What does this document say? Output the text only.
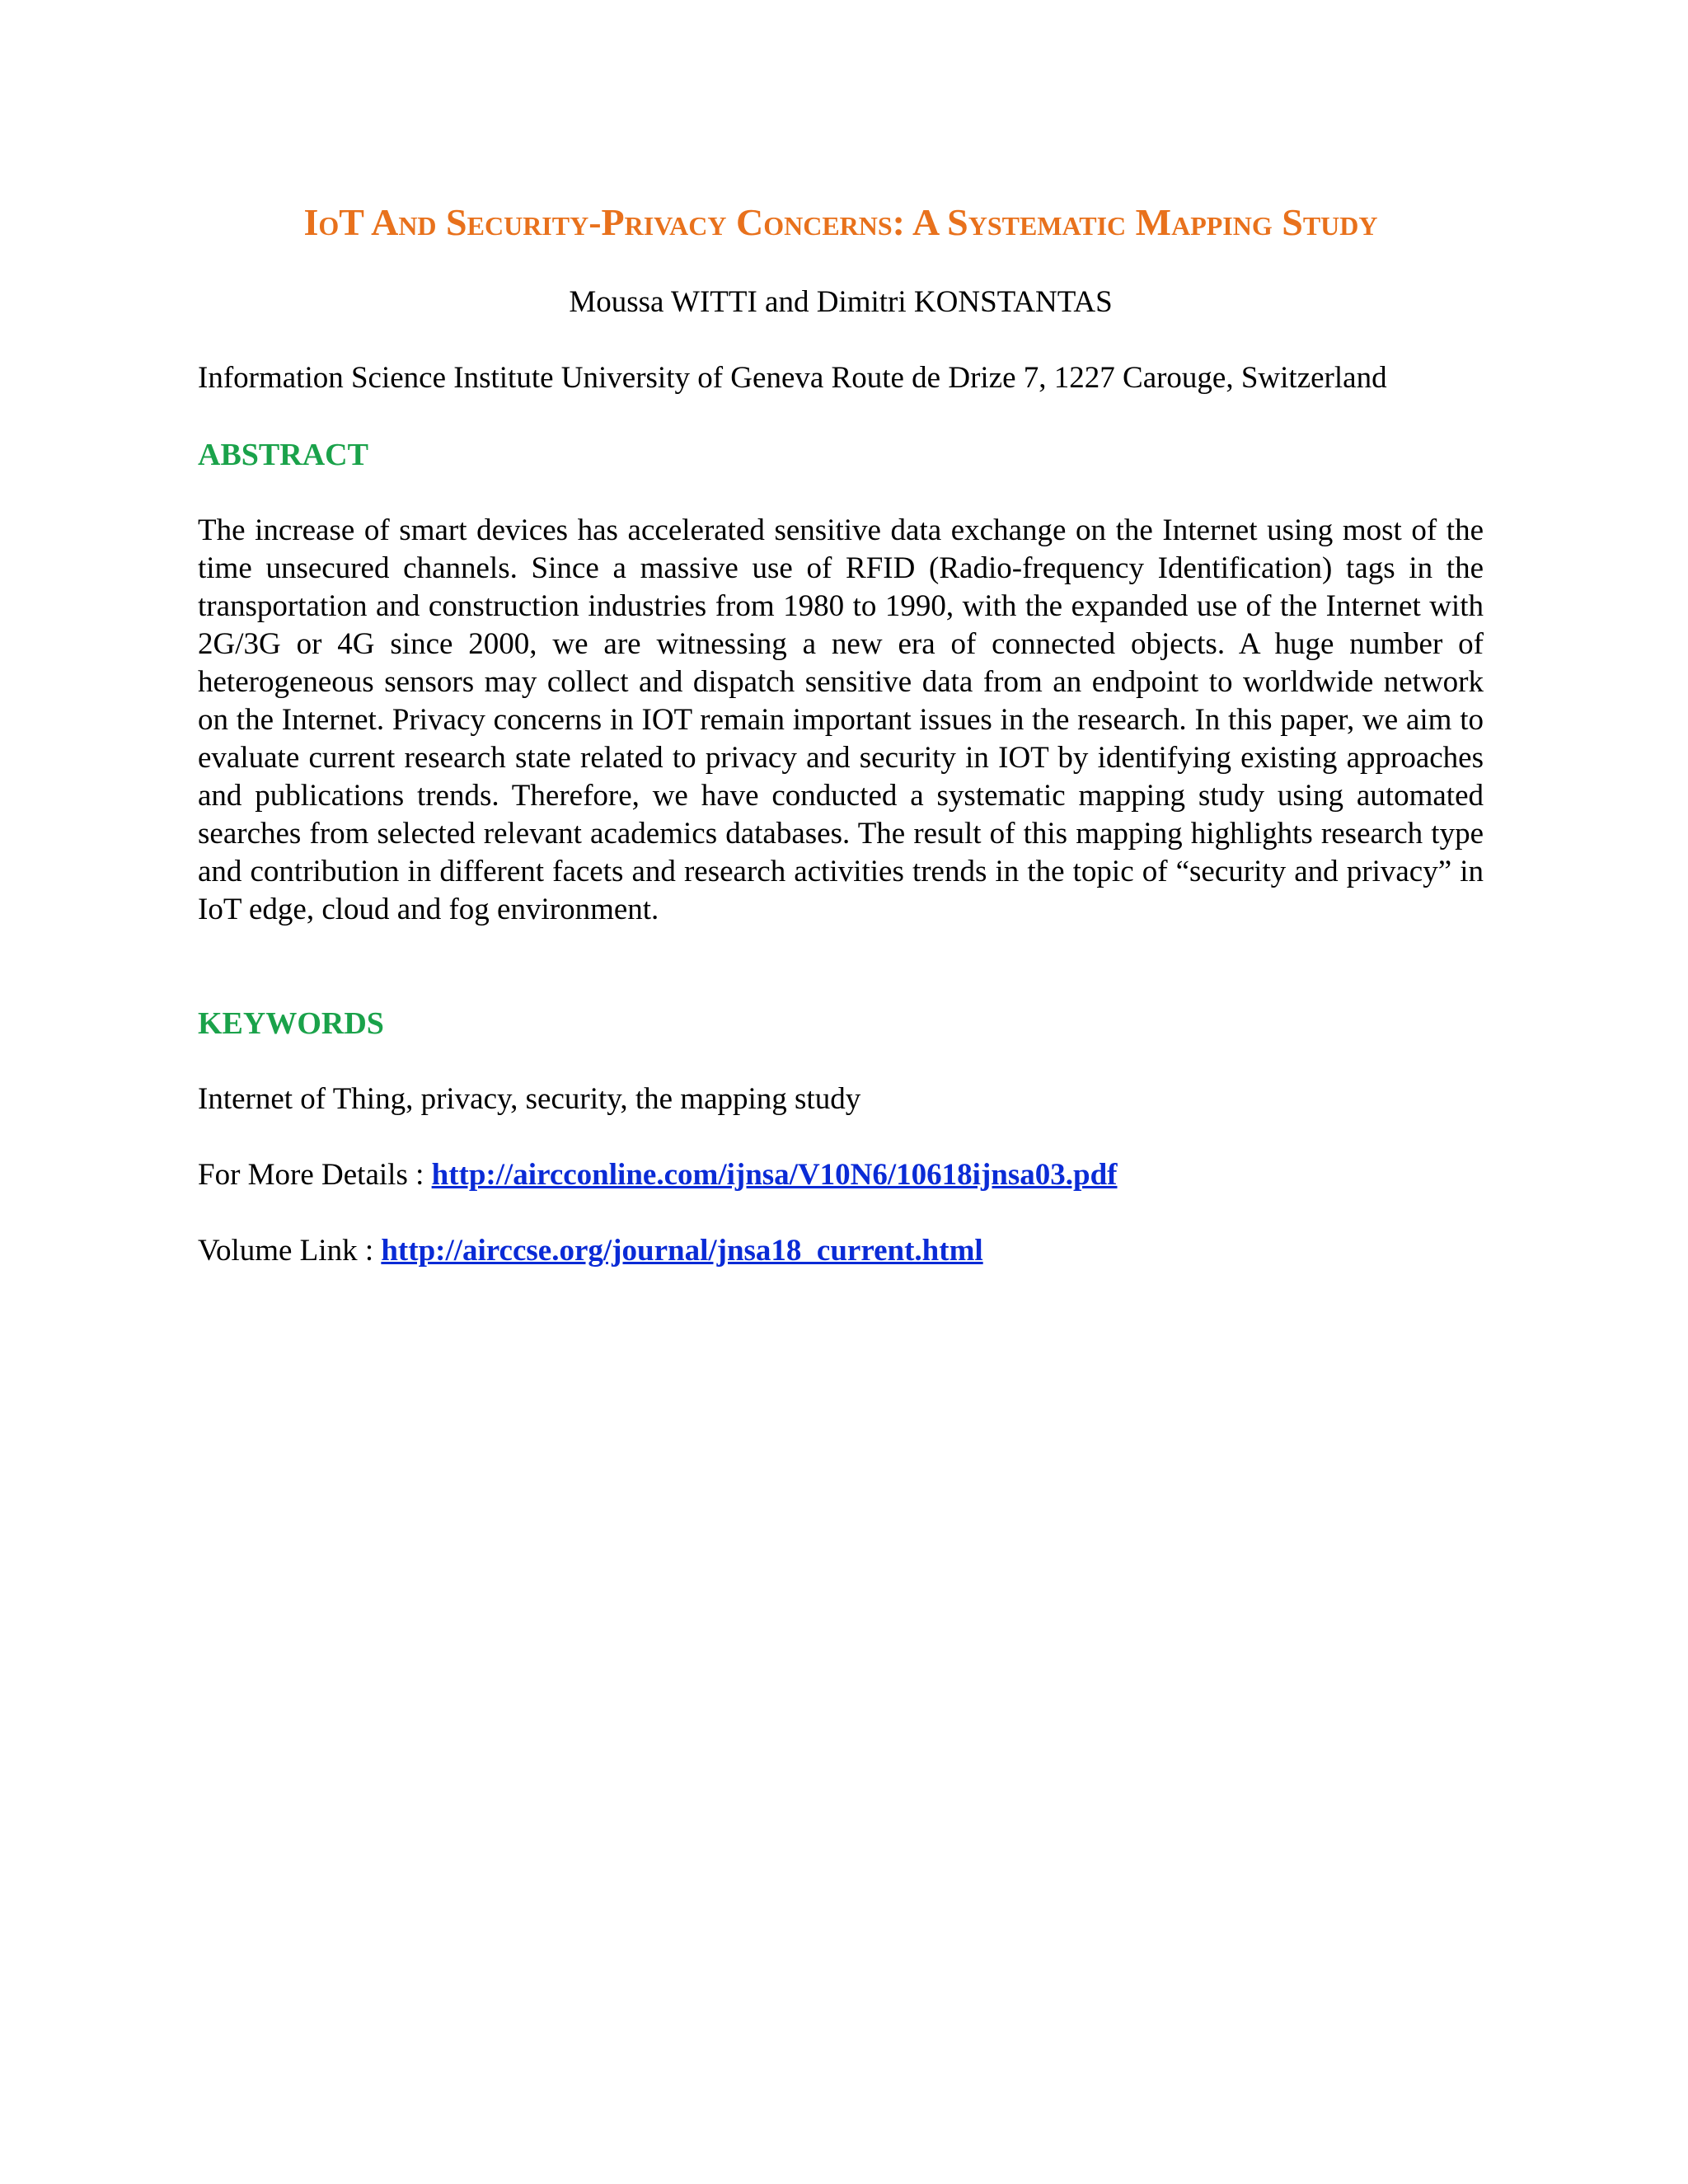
IoT And Security-Privacy Concerns: A Systematic Mapping Study
Moussa WITTI and Dimitri KONSTANTAS
Information Science Institute University of Geneva Route de Drize 7, 1227 Carouge, Switzerland
ABSTRACT
The increase of smart devices has accelerated sensitive data exchange on the Internet using most of the time unsecured channels. Since a massive use of RFID (Radio-frequency Identification) tags in the transportation and construction industries from 1980 to 1990, with the expanded use of the Internet with 2G/3G or 4G since 2000, we are witnessing a new era of connected objects. A huge number of heterogeneous sensors may collect and dispatch sensitive data from an endpoint to worldwide network on the Internet. Privacy concerns in IOT remain important issues in the research. In this paper, we aim to evaluate current research state related to privacy and security in IOT by identifying existing approaches and publications trends. Therefore, we have conducted a systematic mapping study using automated searches from selected relevant academics databases. The result of this mapping highlights research type and contribution in different facets and research activities trends in the topic of “security and privacy” in IoT edge, cloud and fog environment.
KEYWORDS
Internet of Thing, privacy, security, the mapping study
For More Details : http://aircconline.com/ijnsa/V10N6/10618ijnsa03.pdf
Volume Link : http://airccse.org/journal/jnsa18_current.html
